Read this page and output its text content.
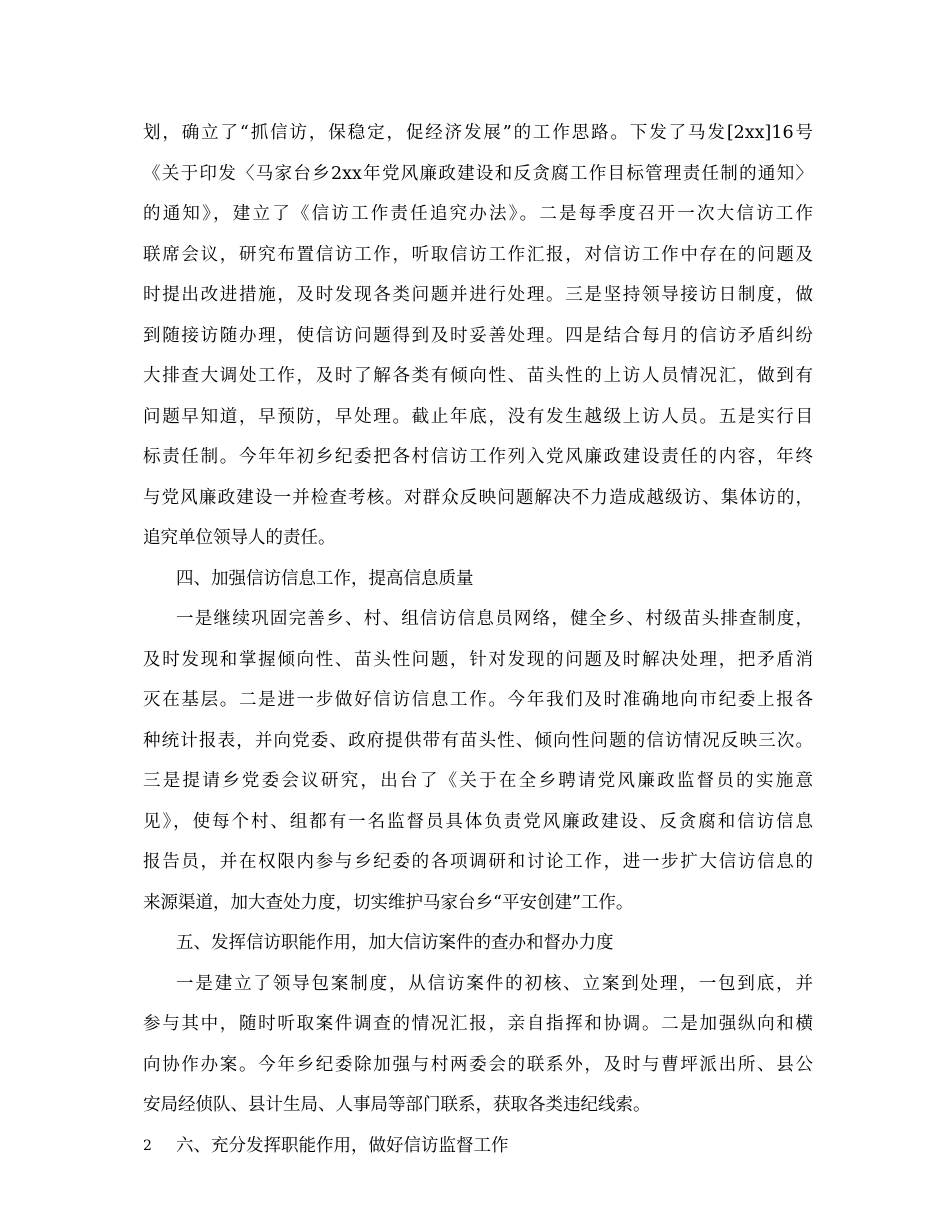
划，确立了“抓信访，保稳定，促经济发展”的工作思路。下发了马发[2xx]16号
《关于印发〈马家台乡2xx年党风廉政建设和反贪腐工作目标管理责任制的通知〉
的通知》，建立了《信访工作责任追究办法》。二是每季度召开一次大信访工作
联席会议，研究布置信访工作，听取信访工作汇报，对信访工作中存在的问题及
时提出改进措施，及时发现各类问题并进行处理。三是坚持领导接访日制度，做
到随接访随办理，使信访问题得到及时妥善处理。四是结合每月的信访矛盾纠纷
大排查大调处工作，及时了解各类有倾向性、苗头性的上访人员情况汇，做到有
问题早知道，早预防，早处理。截止年底，没有发生越级上访人员。五是实行目
标责任制。今年年初乡纪委把各村信访工作列入党风廉政建设责任的内容，年终
与党风廉政建设一并检查考核。对群众反映问题解决不力造成越级访、集体访的，
追究单位领导人的责任。
四、加强信访信息工作，提高信息质量
一是继续巩固完善乡、村、组信访信息员网络，健全乡、村级苗头排查制度，
及时发现和掌握倾向性、苗头性问题，针对发现的问题及时解决处理，把矛盾消
灭在基层。二是进一步做好信访信息工作。今年我们及时准确地向市纪委上报各
种统计报表，并向党委、政府提供带有苗头性、倾向性问题的信访情况反映三次。
三是提请乡党委会议研究，出台了《关于在全乡聘请党风廉政监督员的实施意
见》，使每个村、组都有一名监督员具体负责党风廉政建设、反贪腐和信访信息
报告员，并在权限内参与乡纪委的各项调研和讨论工作，进一步扩大信访信息的
来源渠道，加大查处力度，切实维护马家台乡“平安创建”工作。
五、发挥信访职能作用，加大信访案件的查办和督办力度
一是建立了领导包案制度，从信访案件的初核、立案到处理，一包到底，并
参与其中，随时听取案件调查的情况汇报，亲自指挥和协调。二是加强纵向和横
向协作办案。今年乡纪委除加强与村两委会的联系外，及时与曹坪派出所、县公
安局经侦队、县计生局、人事局等部门联系，获取各类违纪线索。
六、充分发挥职能作用，做好信访监督工作
2
